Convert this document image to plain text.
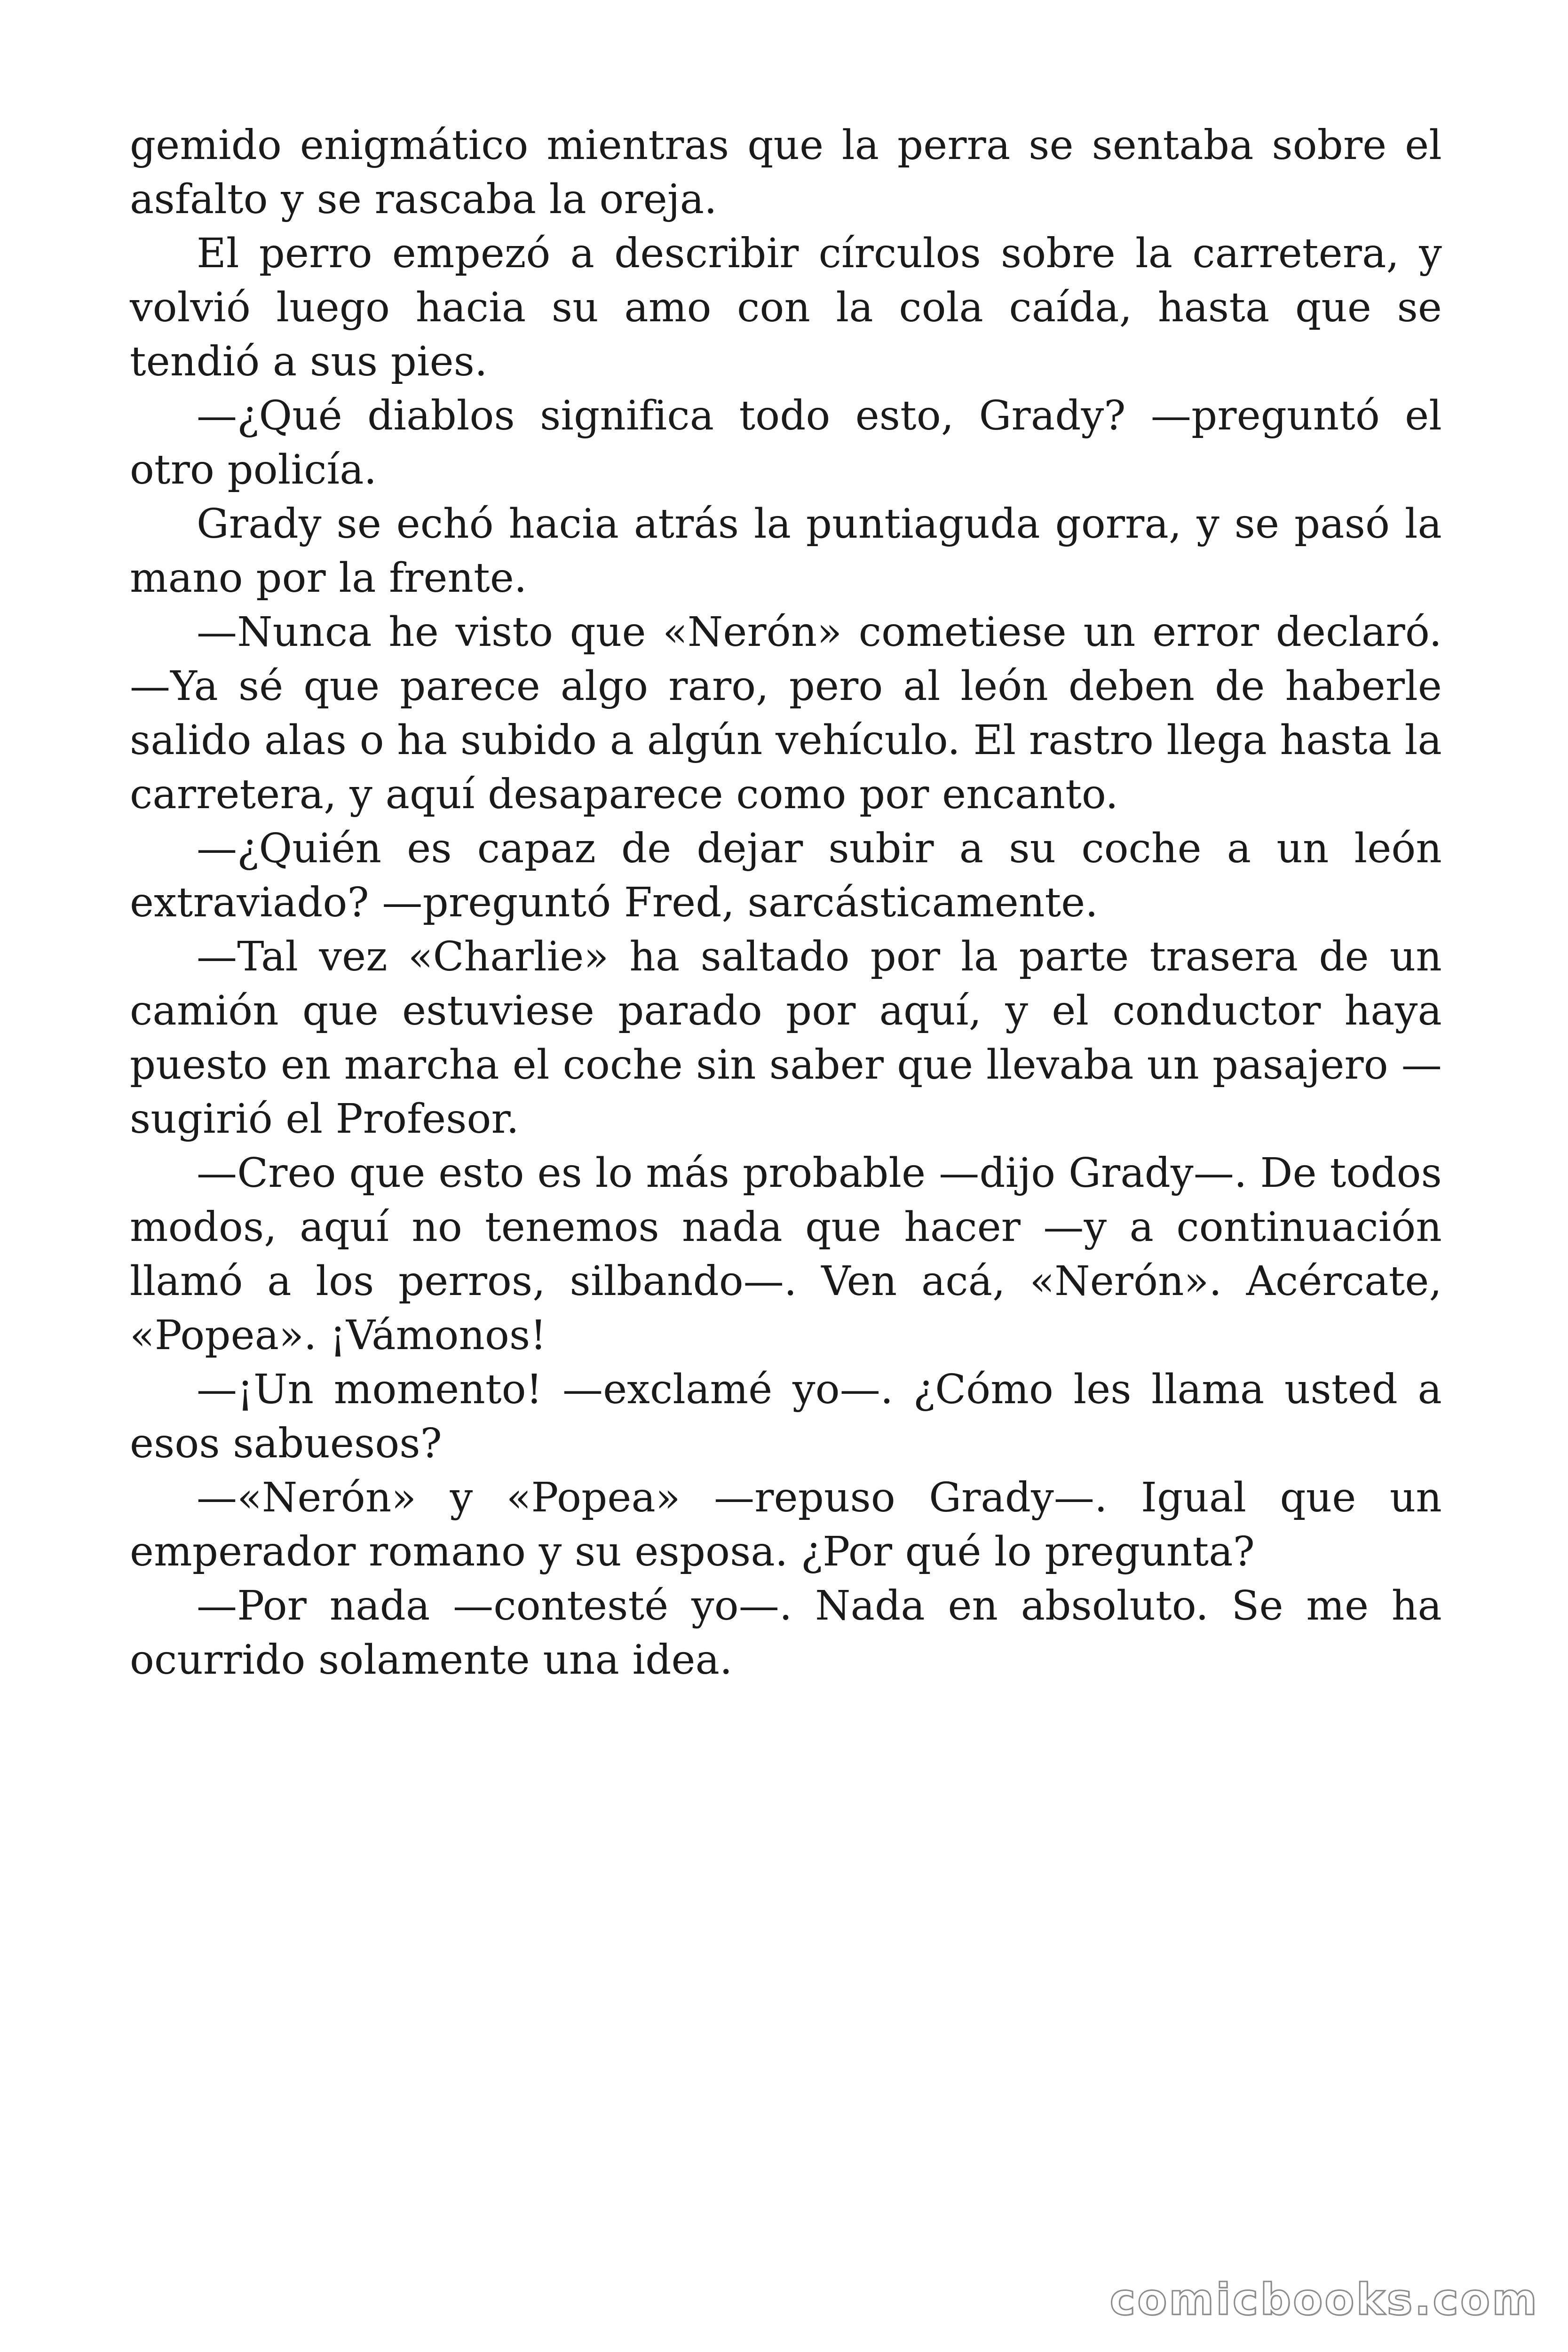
gemido enigmático mientras que la perra se sentaba sobre el asfalto y se rascaba la oreja.

El perro empezó a describir círculos sobre la carretera, y volvió luego hacia su amo con la cola caída, hasta que se tendió a sus pies.

—¿Qué diablos significa todo esto, Grady? —preguntó el otro policía.

Grady se echó hacia atrás la puntiaguda gorra, y se pasó la mano por la frente.

—Nunca he visto que «Nerón» cometiese un error declaró. —Ya sé que parece algo raro, pero al león deben de haberle salido alas o ha subido a algún vehículo. El rastro llega hasta la carretera, y aquí desaparece como por encanto.

—¿Quién es capaz de dejar subir a su coche a un león extraviado? —preguntó Fred, sarcásticamente.

—Tal vez «Charlie» ha saltado por la parte trasera de un camión que estuviese parado por aquí, y el conductor haya puesto en marcha el coche sin saber que llevaba un pasajero —sugirió el Profesor.

—Creo que esto es lo más probable —dijo Grady—. De todos modos, aquí no tenemos nada que hacer —y a continuación llamó a los perros, silbando—. Ven acá, «Nerón». Acércate, «Popea». ¡Vámonos!

—¡Un momento! —exclamé yo—. ¿Cómo les llama usted a esos sabuesos?

—«Nerón» y «Popea» —repuso Grady—. Igual que un emperador romano y su esposa. ¿Por qué lo pregunta?

—Por nada —contesté yo—. Nada en absoluto. Se me ha ocurrido solamente una idea.

comicbooks.com
